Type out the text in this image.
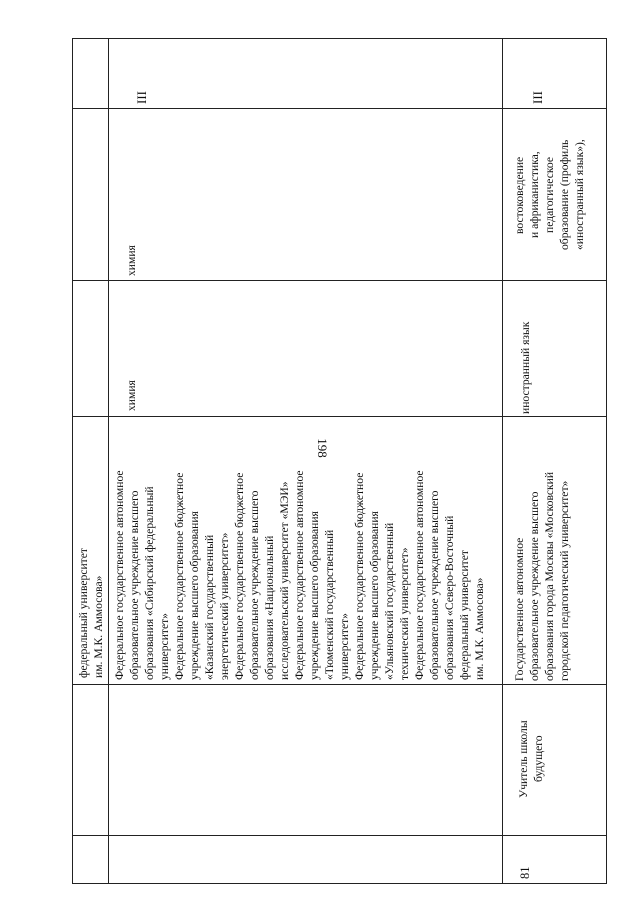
198
федеральный университет
им. М.К. Аммосова»
III
Федеральное государственное автономное
образовательное учреждение высшего
образования «Сибирский федеральный
университет»
Федеральное государственное бюджетное
учреждение высшего образования
«Казанский государственный
энергетический университет»
Федеральное государственное бюджетное
образовательное учреждение высшего
образования «Национальный
исследовательский университет «МЭИ»
Федеральное государственное автономное
учреждение высшего образования
«Тюменский государственный
университет»
Федеральное государственное бюджетное
учреждение высшего образования
«Ульяновский государственный
технический университет»
Федеральное государственное автономное
образовательное учреждение высшего
образования «Северо-Восточный
федеральный университет
им. М.К. Аммосова»
химия
химия
81
Учитель школы
будущего
Государственное автономное
образовательное учреждение высшего
образования города Москвы «Московский
городской педагогический университет»
иностранный язык
востоковедение
и африканистика,
педагогическое
образование (профиль
«иностранный язык»),
III
